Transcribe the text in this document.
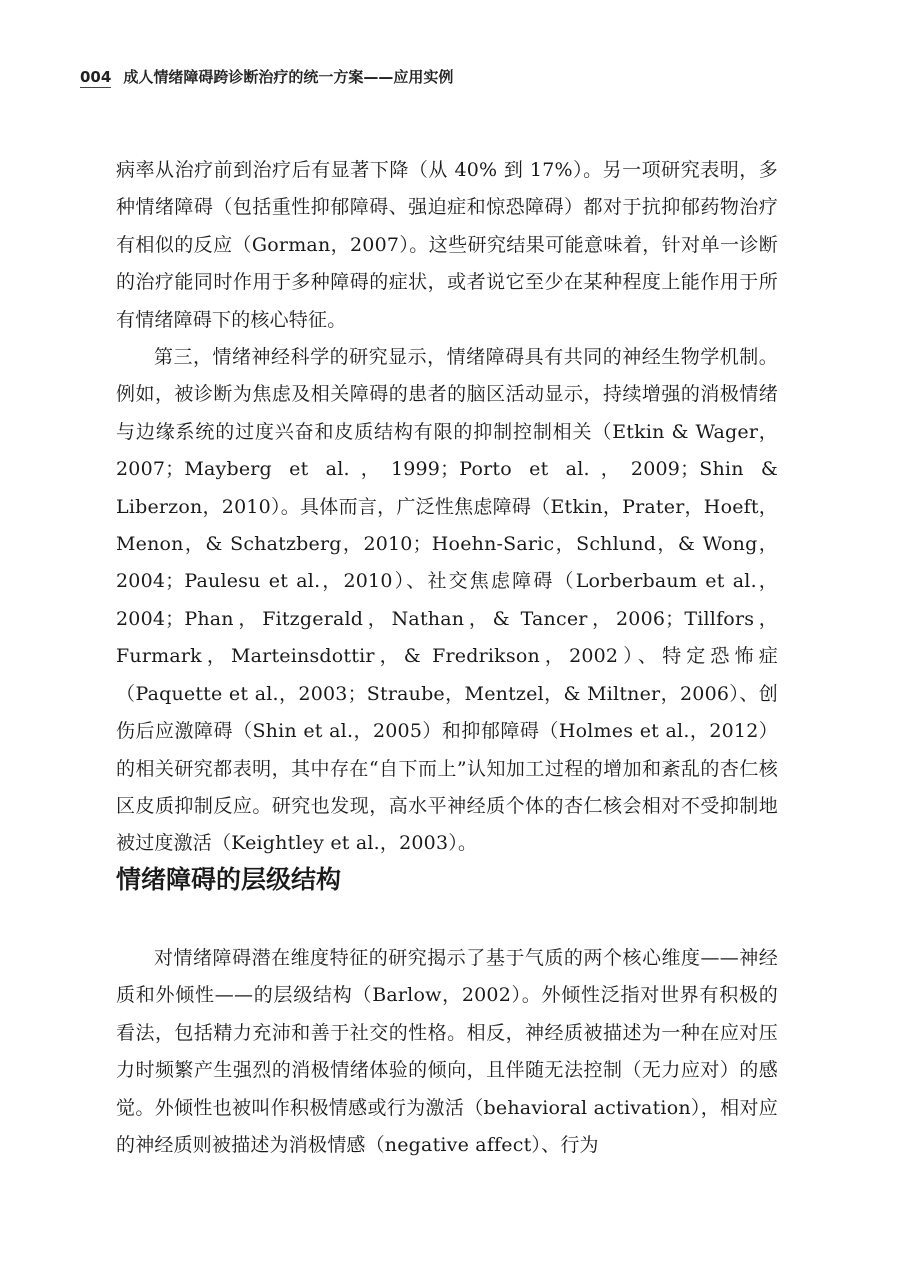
004 成人情绪障碍跨诊断治疗的统一方案——应用实例

病率从治疗前到治疗后有显著下降（从 40% 到 17%）。另一项研究表明，多种情绪障碍（包括重性抑郁障碍、强迫症和惊恐障碍）都对于抗抑郁药物治疗有相似的反应（Gorman，2007）。这些研究结果可能意味着，针对单一诊断的治疗能同时作用于多种障碍的症状，或者说它至少在某种程度上能作用于所有情绪障碍下的核心特征。

第三，情绪神经科学的研究显示，情绪障碍具有共同的神经生物学机制。例如，被诊断为焦虑及相关障碍的患者的脑区活动显示，持续增强的消极情绪与边缘系统的过度兴奋和皮质结构有限的抑制控制相关（Etkin & Wager，2007；Mayberg et al.，1999；Porto et al.，2009；Shin & Liberzon，2010）。具体而言，广泛性焦虑障碍（Etkin，Prater，Hoeft，Menon，& Schatzberg，2010；Hoehn-Saric，Schlund，& Wong，2004；Paulesu et al.，2010）、社交焦虑障碍（Lorberbaum et al.，2004；Phan，Fitzgerald，Nathan，& Tancer，2006；Tillfors，Furmark，Marteinsdottir，& Fredrikson，2002）、特定恐怖症（Paquette et al.，2003；Straube，Mentzel，& Miltner，2006）、创伤后应激障碍（Shin et al.，2005）和抑郁障碍（Holmes et al.，2012）的相关研究都表明，其中存在“自下而上”认知加工过程的增加和紊乱的杏仁核区皮质抑制反应。研究也发现，高水平神经质个体的杏仁核会相对不受抑制地被过度激活（Keightley et al.，2003）。

情绪障碍的层级结构

对情绪障碍潜在维度特征的研究揭示了基于气质的两个核心维度——神经质和外倾性——的层级结构（Barlow，2002）。外倾性泛指对世界有积极的看法，包括精力充沛和善于社交的性格。相反，神经质被描述为一种在应对压力时频繁产生强烈的消极情绪体验的倾向，且伴随无法控制（无力应对）的感觉。外倾性也被叫作积极情感或行为激活（behavioral activation），相对应的神经质则被描述为消极情感（negative affect）、行为
